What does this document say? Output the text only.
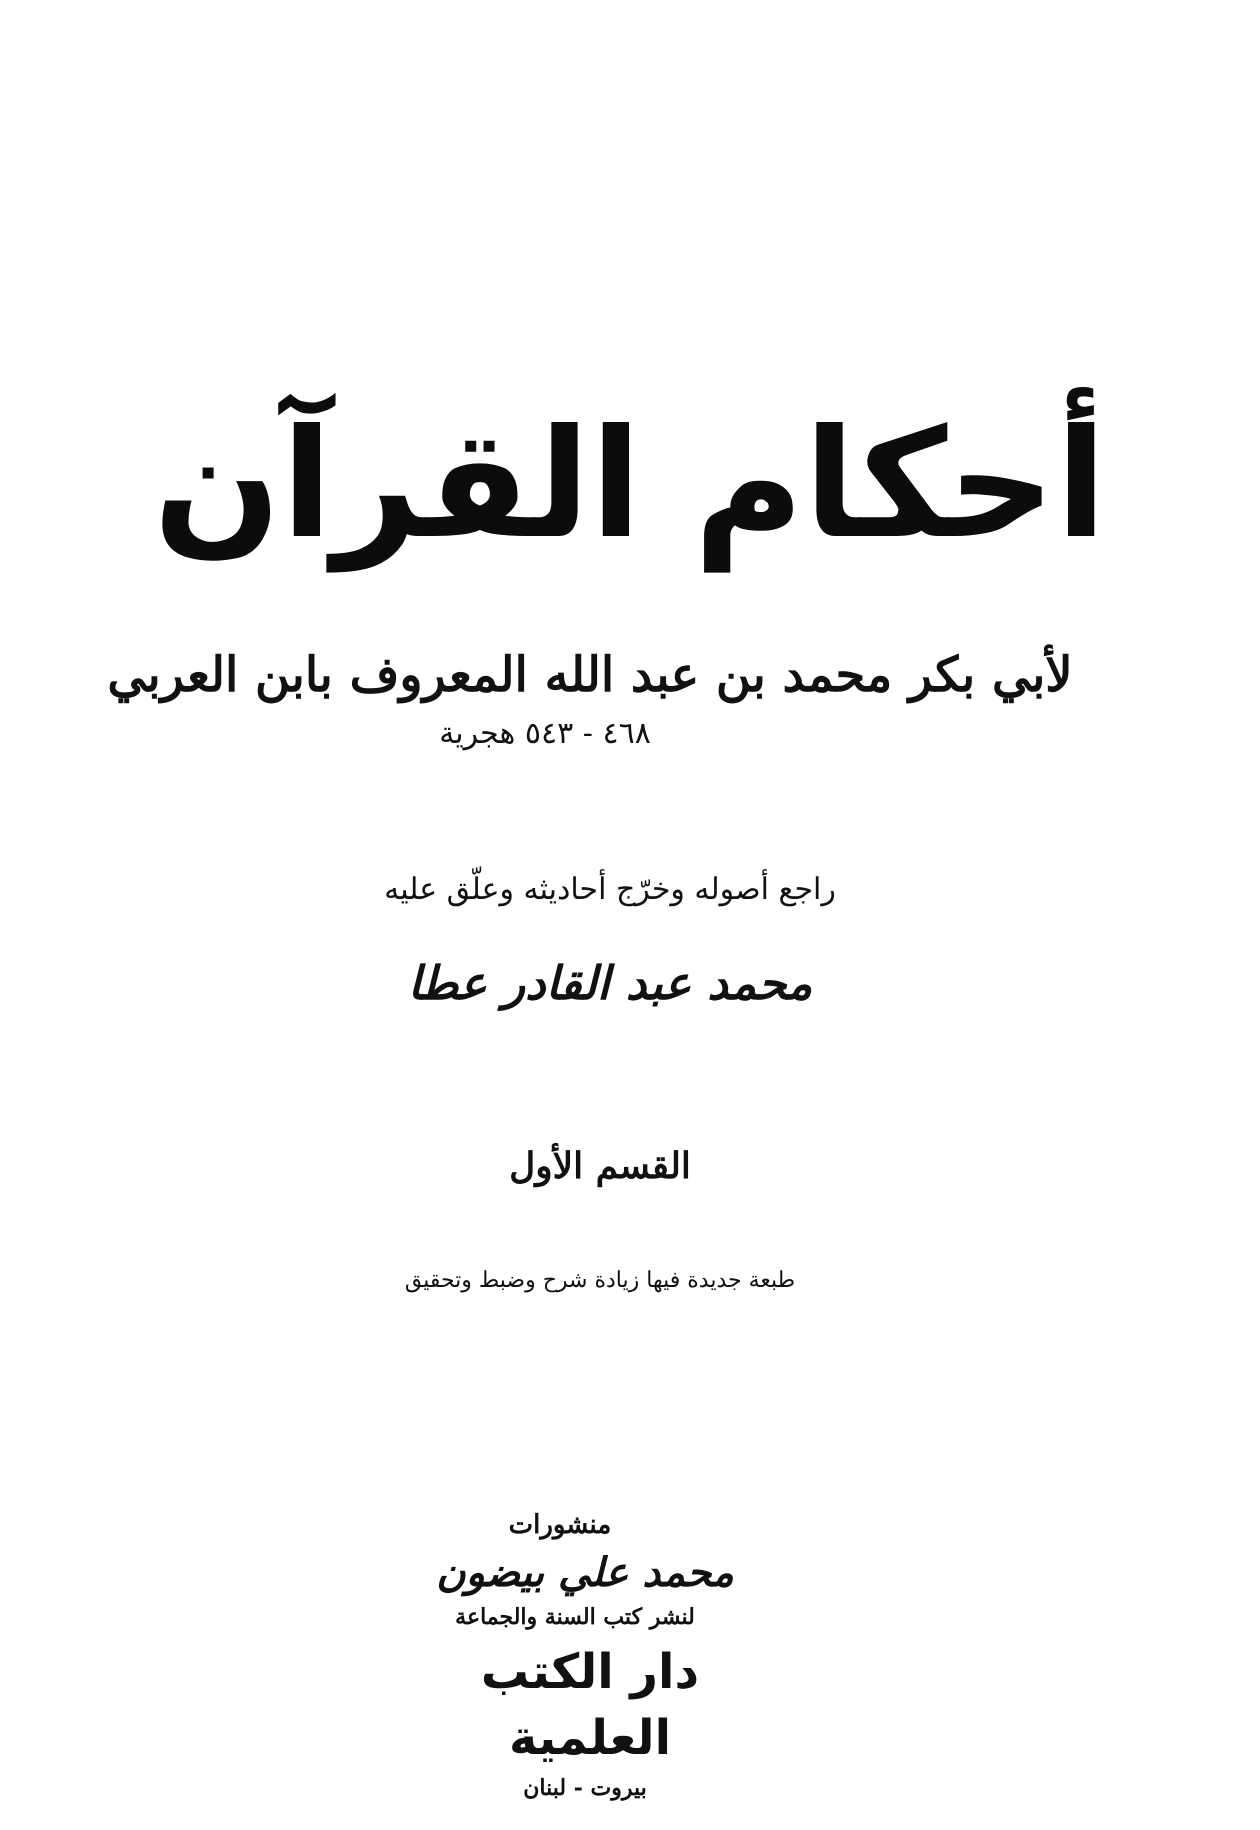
أحكام القرآن
لأبي بكر محمد بن عبد الله المعروف بابن العربي
٤٦٨ - ٥٤٣ هجرية
راجع أصوله وخرّج أحاديثه وعلّق عليه
محمد عبد القادر عطا
القسم الأول
طبعة جديدة فيها زيادة شرح وضبط وتحقيق
منشورات
محمد علي بيضون
لنشر كتب السنة والجماعة
دار الكتب العلمية
بيروت - لبنان
